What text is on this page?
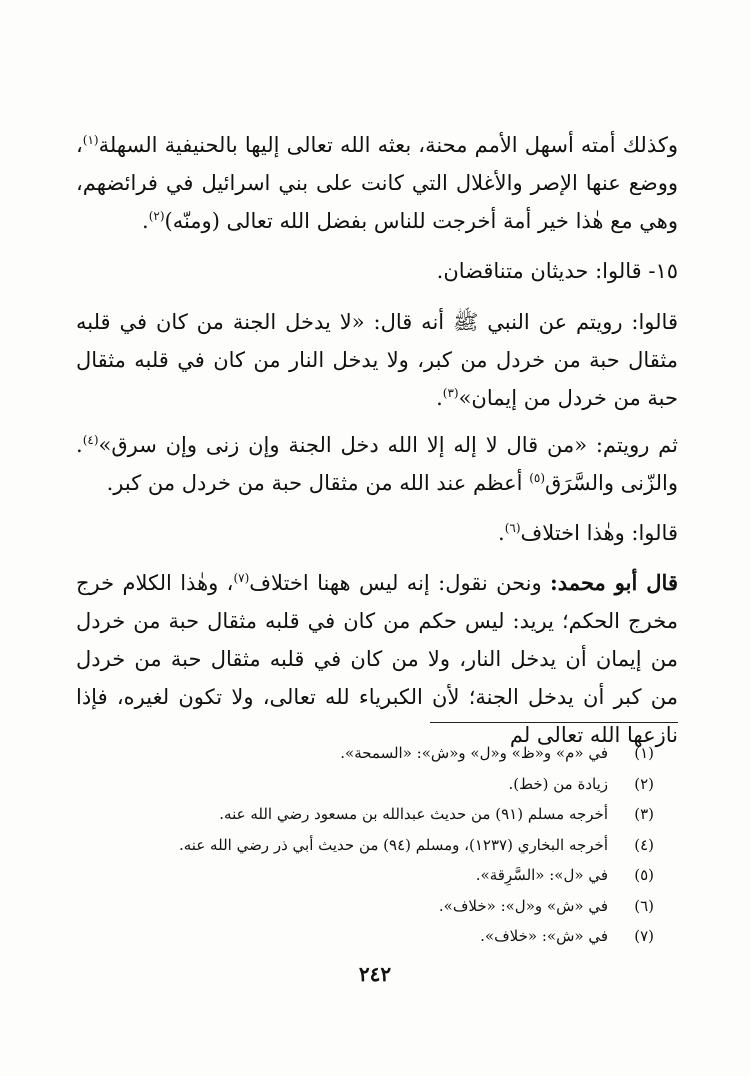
وكذلك أمته أسهل الأمم محنة، بعثه الله تعالى إليها بالحنيفية السهلة$^{(١)}$، ووضع عنها الإصر والأغلال التي كانت على بني اسرائيل في فرائضهم، وهي مع هٰذا خير أمة أخرجت للناس بفضل الله تعالى (ومنّه)$^{(٢)}$.

١٥- قالوا: حديثان متناقضان.

قالوا: رويتم عن النبي ﷺ أنه قال: «لا يدخل الجنة من كان في قلبه مثقال حبة من خردل من كبر، ولا يدخل النار من كان في قلبه مثقال حبة من خردل من إيمان»$^{(٣)}$.

ثم رويتم: «من قال لا إله إلا الله دخل الجنة وإن زنى وإن سرق»$^{(٤)}$. والزّنى والسَّرَق$^{(٥)}$ أعظم عند الله من مثقال حبة من خردل من كبر.

قالوا: وهٰذا اختلاف$^{(٦)}$.

قال أبو محمد: ونحن نقول: إنه ليس ههنا اختلاف$^{(٧)}$، وهٰذا الكلام خرج مخرج الحكم؛ يريد: ليس حكم من كان في قلبه مثقال حبة من خردل من إيمان أن يدخل النار، ولا من كان في قلبه مثقال حبة من خردل من كبر أن يدخل الجنة؛ لأن الكبرياء لله تعالى، ولا تكون لغيره، فإذا نازعها الله تعالى لم

(١)في «م» و«ظ» و«ل» و«ش»: «السمحة».
(٢)زيادة من (خط).
(٣)أخرجه مسلم (٩١) من حديث عبدالله بن مسعود رضي الله عنه.
(٤)أخرجه البخاري (١٢٣٧)، ومسلم (٩٤) من حديث أبي ذر رضي الله عنه.
(٥)في «ل»: «السَّرِقة».
(٦)في «ش» و«ل»: «خلاف».
(٧)في «ش»: «خلاف».
٢٤٢
